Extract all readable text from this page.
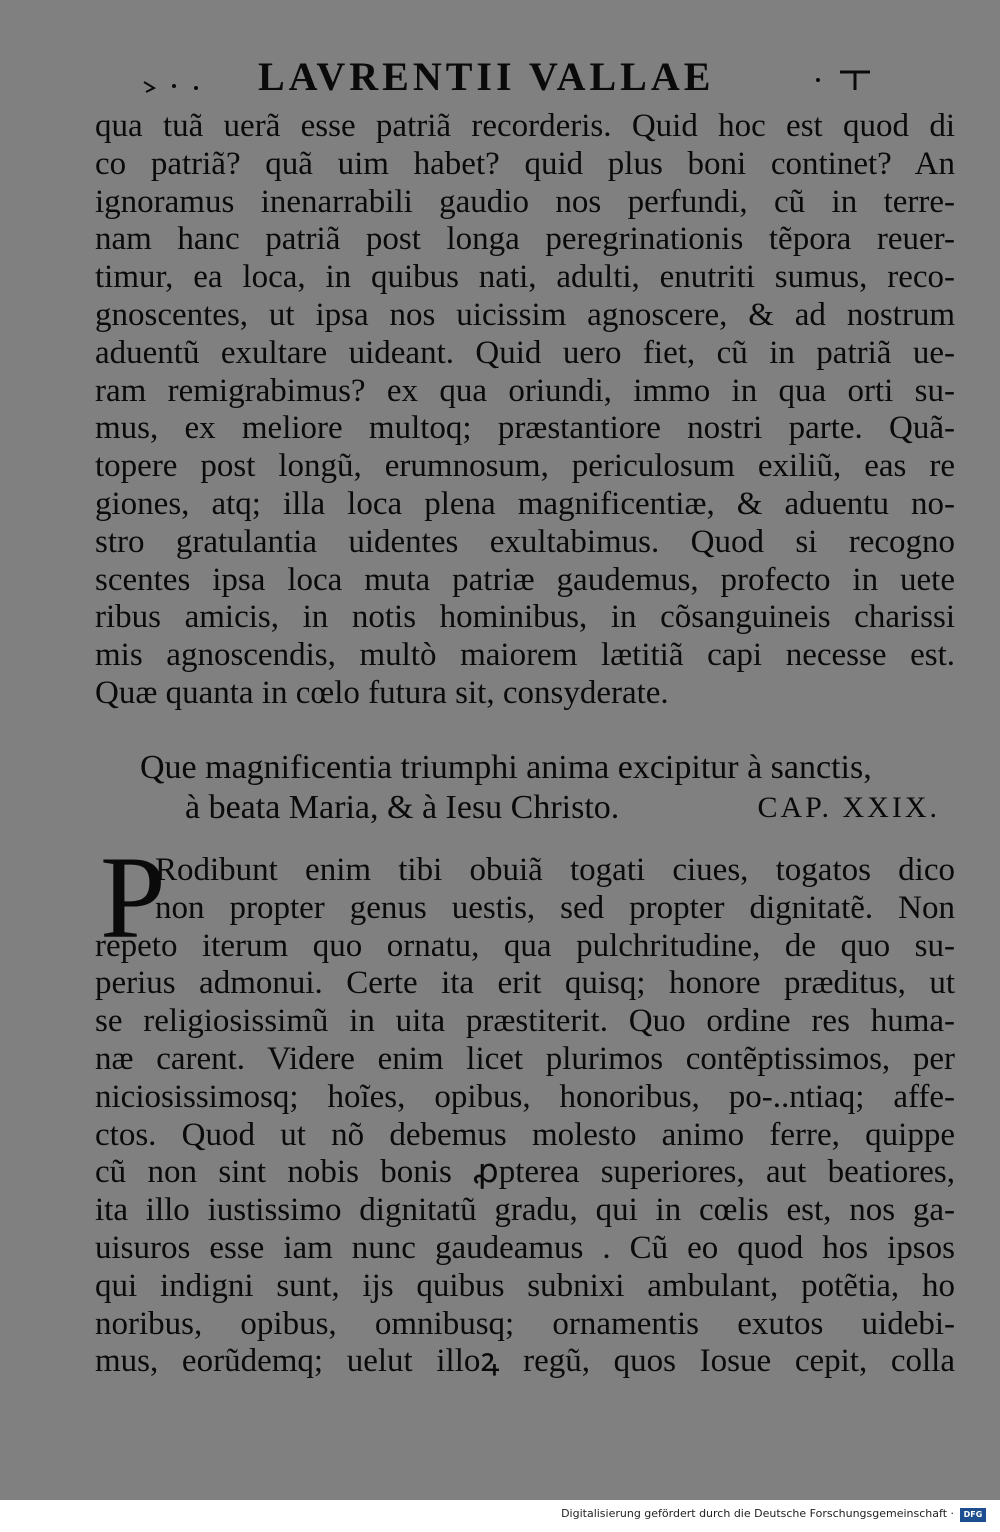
LAVRENTII VALLAE
qua tuã uerã esse patriã recorderis. Quid hoc est quod di
co patriã? quã uim habet? quid plus boni continet? An
ignoramus inenarrabili gaudio nos perfundi, cũ in terre-
nam hanc patriã post longa peregrinationis tẽpora reuer-
timur, ea loca, in quibus nati, adulti, enutriti sumus, reco-
gnoscentes, ut ipsa nos uicissim agnoscere, & ad nostrum
aduentũ exultare uideant. Quid uero fiet, cũ in patriã ue-
ram remigrabimus? ex qua oriundi, immo in qua orti su-
mus, ex meliore multoq; præstantiore nostri parte. Quã-
topere post longũ, erumnosum, periculosum exiliũ, eas re
giones, atq; illa loca plena magnificentiæ, & aduentu no-
stro gratulantia uidentes exultabimus. Quod si recogno
scentes ipsa loca muta patriæ gaudemus, profecto in uete
ribus amicis, in notis hominibus, in cõsanguineis charissi
mis agnoscendis, multò maiorem lætitiã capi necesse est.
Quæ quanta in cœlo futura sit, consyderate.
Que magnificentia triumphi anima excipitur à sanctis,
à beata Maria, & à Iesu Christo.	CAP. XXIX.
P
Rodibunt enim tibi obuiã togati ciues, togatos dico
non propter genus uestis, sed propter dignitatẽ. Non
repeto iterum quo ornatu, qua pulchritudine, de quo su-
perius admonui. Certe ita erit quisq; honore præditus, ut
se religiosissimũ in uita præstiterit. Quo ordine res huma-
næ carent. Videre enim licet plurimos contẽptissimos, per
niciosissimosq; hoĩes, opibus, honoribus, po-..ntiaq; affe-
ctos. Quod ut nõ debemus molesto animo ferre, quippe
cũ non sint nobis bonis ꝓpterea superiores, aut beatiores,
ita illo iustissimo dignitatũ gradu, qui in cœlis est, nos ga-
uisuros esse iam nunc gaudeamus . Cũ eo quod hos ipsos
qui indigni sunt, ijs quibus subnixi ambulant, potẽtia, ho
noribus, opibus, omnibusq; ornamentis exutos uidebi-
mus, eorũdemq; uelut illoꝝ regũ, quos Iosue cepit, colla
Digitalisierung gefördert durch die Deutsche Forschungsgemeinschaft ·	DFG
